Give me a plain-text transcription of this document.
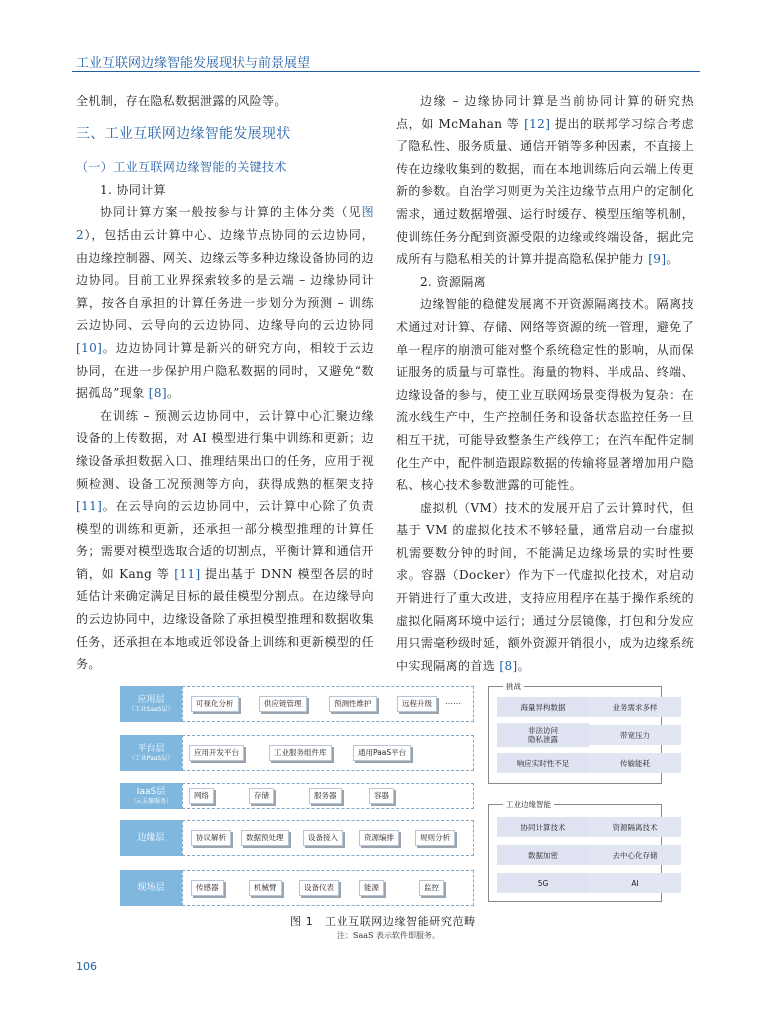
工业互联网边缘智能发展现状与前景展望

全机制，存在隐私数据泄露的风险等。

三、工业互联网边缘智能发展现状
（一）工业互联网边缘智能的关键技术
1. 协同计算

协同计算方案一般按参与计算的主体分类（见图 2），包括由云计算中心、边缘节点协同的云边协同，由边缘控制器、网关、边缘云等多种边缘设备协同的边边协同。目前工业界探索较多的是云端 – 边缘协同计算，按各自承担的计算任务进一步划分为预测 – 训练云边协同、云导向的云边协同、边缘导向的云边协同 [10]。边边协同计算是新兴的研究方向，相较于云边协同，在进一步保护用户隐私数据的同时，又避免“数据孤岛”现象 [8]。

在训练 – 预测云边协同中，云计算中心汇聚边缘设备的上传数据，对 AI 模型进行集中训练和更新；边缘设备承担数据入口、推理结果出口的任务，应用于视频检测、设备工况预测等方向，获得成熟的框架支持 [11]。在云导向的云边协同中，云计算中心除了负责模型的训练和更新，还承担一部分模型推理的计算任务；需要对模型选取合适的切割点，平衡计算和通信开销，如 Kang 等 [11] 提出基于 DNN 模型各层的时延估计来确定满足目标的最佳模型分割点。在边缘导向的云边协同中，边缘设备除了承担模型推理和数据收集任务，还承担在本地或近邻设备上训练和更新模型的任务。

边缘 – 边缘协同计算是当前协同计算的研究热点，如 McMahan 等 [12] 提出的联邦学习综合考虑了隐私性、服务质量、通信开销等多种因素，不直接上传在边缘收集到的数据，而在本地训练后向云端上传更新的参数。自治学习则更为关注边缘节点用户的定制化需求，通过数据增强、运行时缓存、模型压缩等机制，使训练任务分配到资源受限的边缘或终端设备，据此完成所有与隐私相关的计算并提高隐私保护能力 [9]。

2. 资源隔离

边缘智能的稳健发展离不开资源隔离技术。隔离技术通过对计算、存储、网络等资源的统一管理，避免了单一程序的崩溃可能对整个系统稳定性的影响，从而保证服务的质量与可靠性。海量的物料、半成品、终端、边缘设备的参与，使工业互联网场景变得极为复杂：在流水线生产中，生产控制任务和设备状态监控任务一旦相互干扰，可能导致整条生产线停工；在汽车配件定制化生产中，配件制造跟踪数据的传输将显著增加用户隐私、核心技术参数泄露的可能性。

虚拟机（VM）技术的发展开启了云计算时代，但基于 VM 的虚拟化技术不够轻量，通常启动一台虚拟机需要数分钟的时间，不能满足边缘场景的实时性要求。容器（Docker）作为下一代虚拟化技术，对启动开销进行了重大改进，支持应用程序在基于操作系统的虚拟化隔离环境中运行；通过分层镜像，打包和分发应用只需毫秒级时延，额外资源开销很小，成为边缘系统中实现隔离的首选 [8]。

应用层
（工业SaaS层）
可视化分析	供应链管理	预测性维护	远程升级	……
平台层
（工业PaaS层）
应用开发平台	工业服务组件库	通用PaaS平台
IaaS层
（云支撑服务）
网络	存储	服务器	容器
边缘层	协议解析	数据预处理	设备接入	资源编排	规则分析
现场层	传感器	机械臂	设备仪表	能源	监控
挑战
海量异构数据	业务需求多样
非法访问
隐私泄露	带宽压力
响应实时性不足	传输能耗
工业边缘智能
协同计算技术	资源隔离技术
数据加密	去中心化存储
5G	AI
图 1　工业互联网边缘智能研究范畴
注：SaaS 表示软件即服务。
106
